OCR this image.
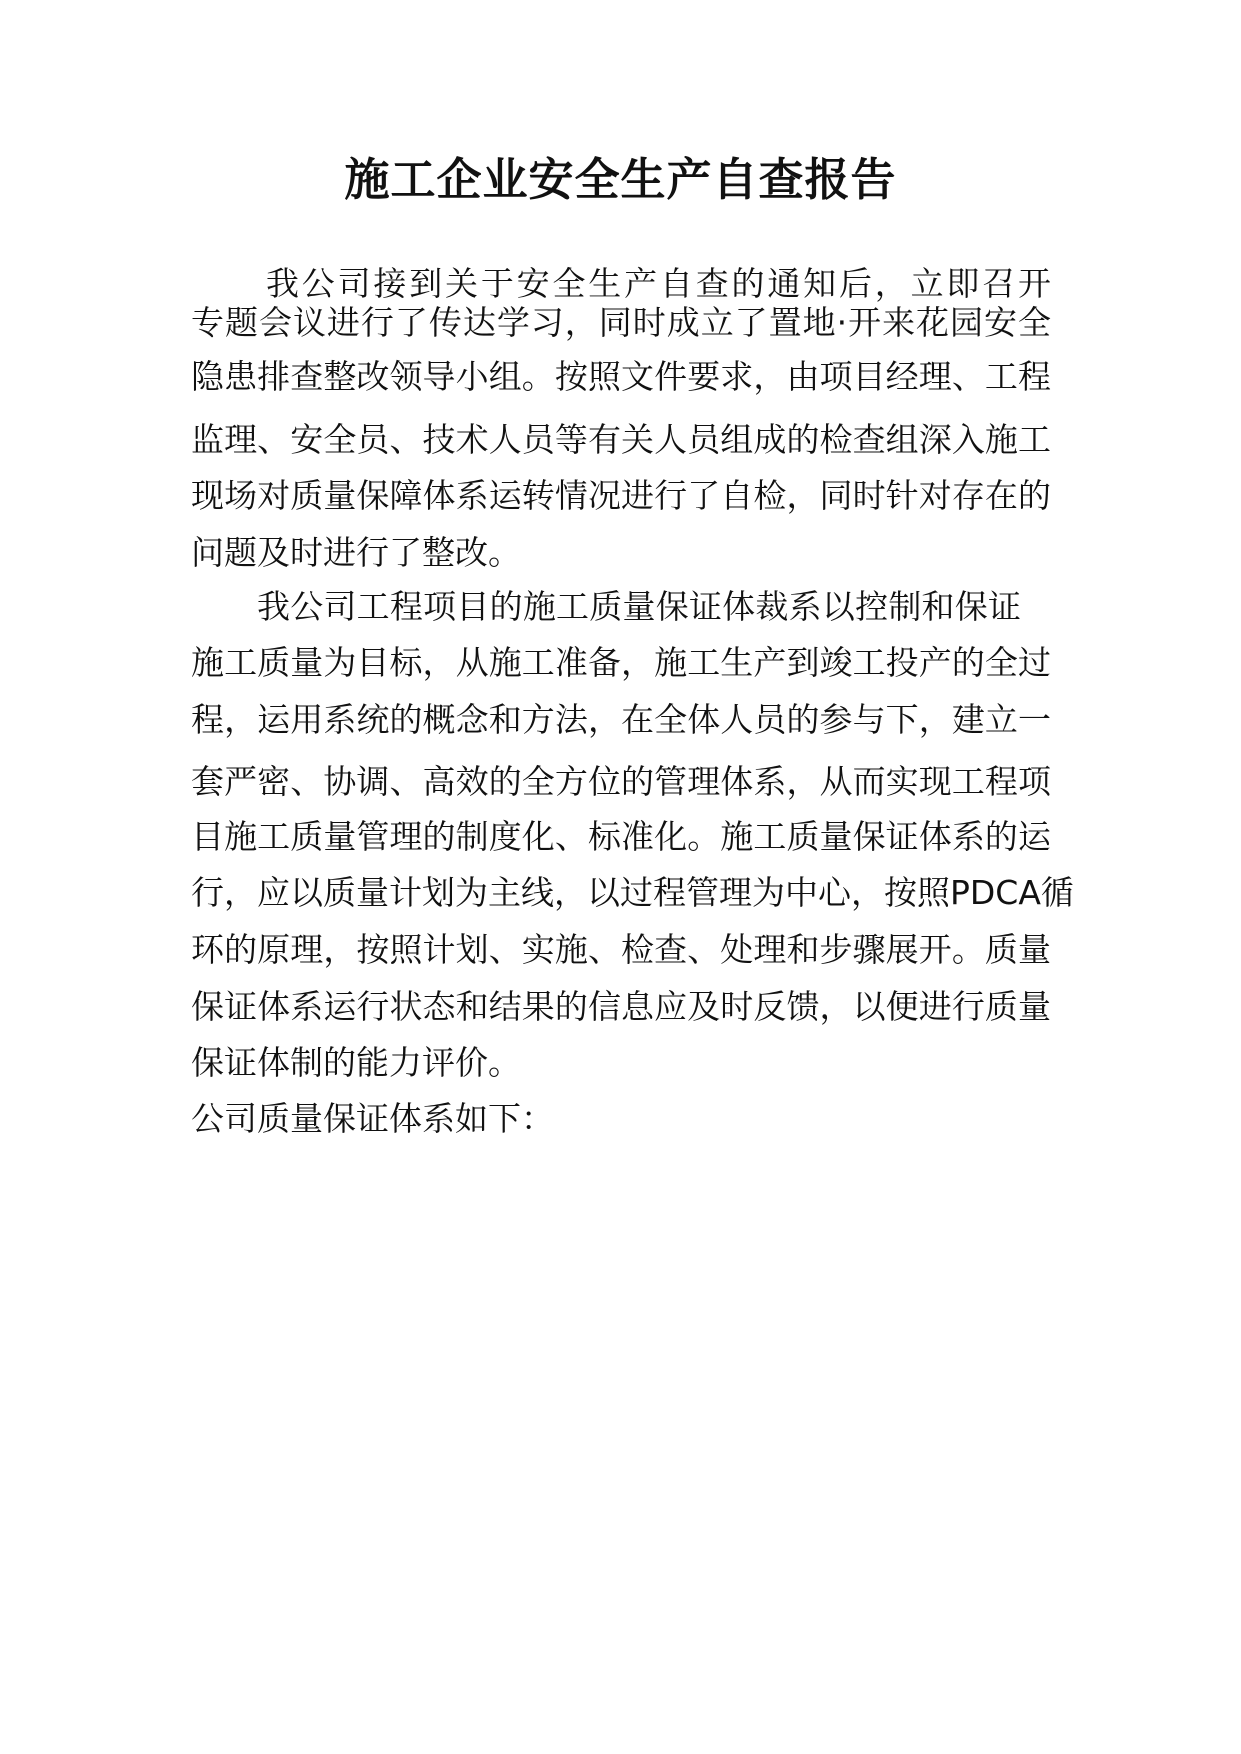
施工企业安全生产自查报告
我公司接到关于安全生产自查的通知后，立即召开
专题会议进行了传达学习，同时成立了置地·开来花园安全
隐患排查整改领导小组。按照文件要求，由项目经理、工程
监理、安全员、技术人员等有关人员组成的检查组深入施工
现场对质量保障体系运转情况进行了自检，同时针对存在的
问题及时进行了整改。
我公司工程项目的施工质量保证体裁系以控制和保证
施工质量为目标，从施工准备，施工生产到竣工投产的全过
程，运用系统的概念和方法，在全体人员的参与下，建立一
套严密、协调、高效的全方位的管理体系，从而实现工程项
目施工质量管理的制度化、标准化。施工质量保证体系的运
行，应以质量计划为主线，以过程管理为中心，按照PDCA循
环的原理，按照计划、实施、检查、处理和步骤展开。质量
保证体系运行状态和结果的信息应及时反馈，以便进行质量
保证体制的能力评价。
公司质量保证体系如下：
